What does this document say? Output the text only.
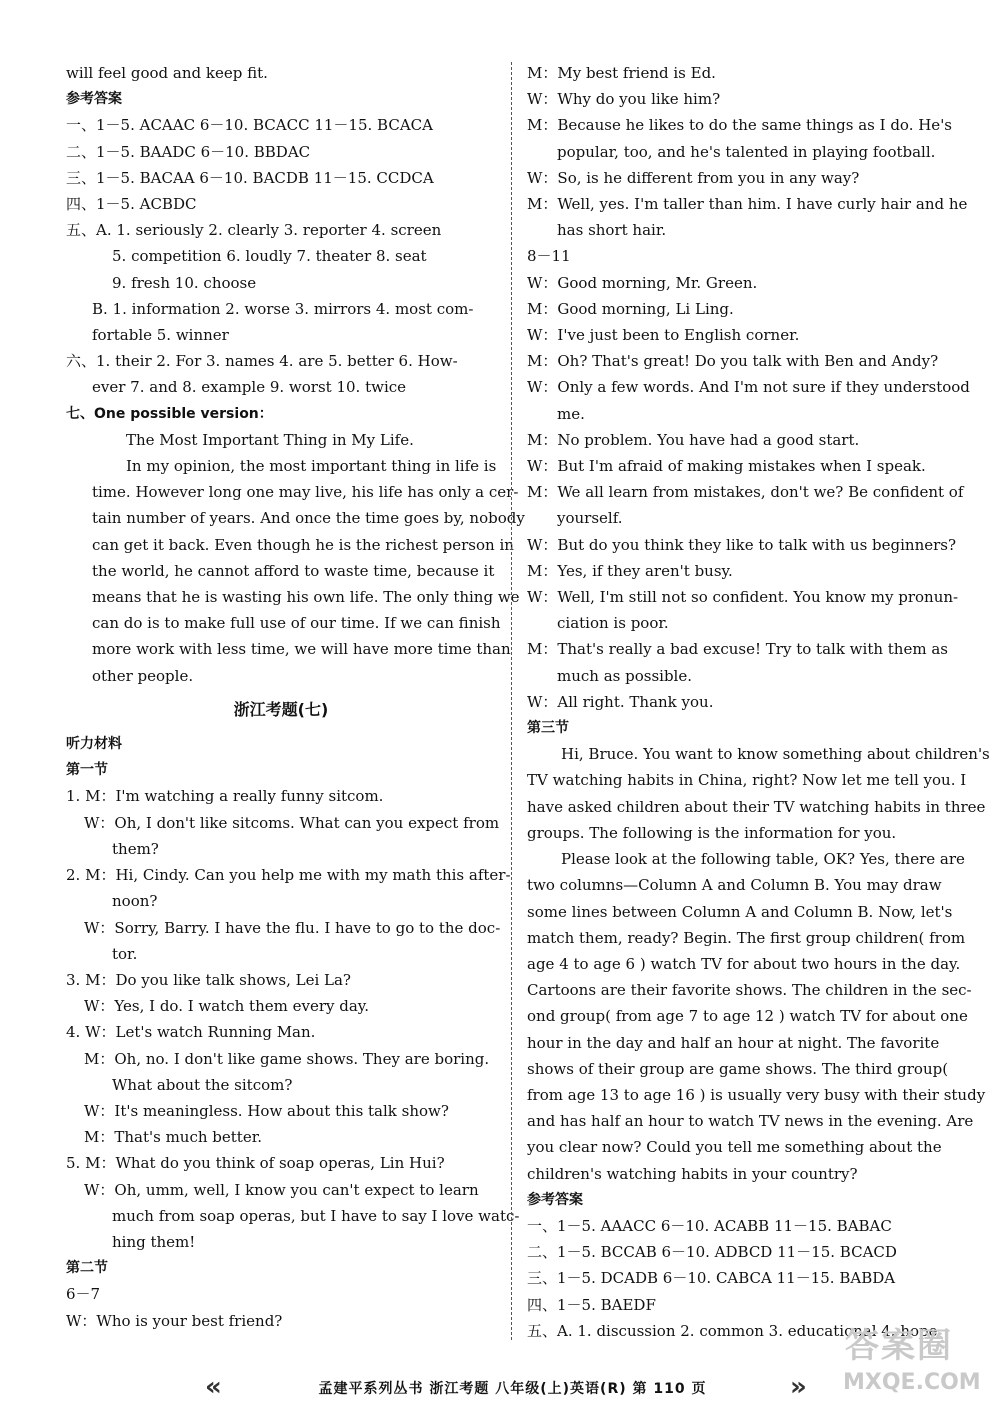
will feel good and keep fit.
参考答案
一、1－5. ACAAC 6－10. BCACC 11－15. BCACA
二、1－5. BAADC 6－10. BBDAC
三、1－5. BACAA 6－10. BACDB 11－15. CCDCA
四、1－5. ACBDC
五、A. 1. seriously 2. clearly 3. reporter 4. screen
5. competition 6. loudly 7. theater 8. seat
9. fresh 10. choose
B. 1. information 2. worse 3. mirrors 4. most com-
fortable 5. winner
六、1. their 2. For 3. names 4. are 5. better 6. How-
ever 7. and 8. example 9. worst 10. twice
七、One possible version：
The Most Important Thing in My Life.
In my opinion, the most important thing in life is
time. However long one may live, his life has only a cer-
tain number of years. And once the time goes by, nobody
can get it back. Even though he is the richest person in
the world, he cannot afford to waste time, because it
means that he is wasting his own life. The only thing we
can do is to make full use of our time. If we can finish
more work with less time, we will have more time than
other people.
浙江考题(七)
听力材料
第一节
1. M：I'm watching a really funny sitcom.
W：Oh, I don't like sitcoms. What can you expect from
them?
2. M：Hi, Cindy. Can you help me with my math this after-
noon?
W：Sorry, Barry. I have the flu. I have to go to the doc-
tor.
3. M：Do you like talk shows, Lei La?
W：Yes, I do. I watch them every day.
4. W：Let's watch Running Man.
M：Oh, no. I don't like game shows. They are boring.
What about the sitcom?
W：It's meaningless. How about this talk show?
M：That's much better.
5. M：What do you think of soap operas, Lin Hui?
W：Oh, umm, well, I know you can't expect to learn
much from soap operas, but I have to say I love watc-
hing them!
第二节
6－7
W：Who is your best friend?
M：My best friend is Ed.
W：Why do you like him?
M：Because he likes to do the same things as I do. He's
popular, too, and he's talented in playing football.
W：So, is he different from you in any way?
M：Well, yes. I'm taller than him. I have curly hair and he
has short hair.
8－11
W：Good morning, Mr. Green.
M：Good morning, Li Ling.
W：I've just been to English corner.
M：Oh? That's great! Do you talk with Ben and Andy?
W：Only a few words. And I'm not sure if they understood
me.
M：No problem. You have had a good start.
W：But I'm afraid of making mistakes when I speak.
M：We all learn from mistakes, don't we? Be confident of
yourself.
W：But do you think they like to talk with us beginners?
M：Yes, if they aren't busy.
W：Well, I'm still not so confident. You know my pronun-
ciation is poor.
M：That's really a bad excuse! Try to talk with them as
much as possible.
W：All right. Thank you.
第三节
Hi, Bruce. You want to know something about children's
TV watching habits in China, right? Now let me tell you. I
have asked children about their TV watching habits in three
groups. The following is the information for you.
Please look at the following table, OK? Yes, there are
two columns—Column A and Column B. You may draw
some lines between Column A and Column B. Now, let's
match them, ready? Begin. The first group children( from
age 4 to age 6 ) watch TV for about two hours in the day.
Cartoons are their favorite shows. The children in the sec-
ond group( from age 7 to age 12 ) watch TV for about one
hour in the day and half an hour at night. The favorite
shows of their group are game shows. The third group(
from age 13 to age 16 ) is usually very busy with their study
and has half an hour to watch TV news in the evening. Are
you clear now? Could you tell me something about the
children's watching habits in your country?
参考答案
一、1－5. AAACC 6－10. ACABB 11－15. BABAC
二、1－5. BCCAB 6－10. ADBCD 11－15. BCACD
三、1－5. DCADB 6－10. CABCA 11－15. BABDA
四、1－5. BAEDF
五、A. 1. discussion 2. common 3. educational 4. hope
«	孟建平系列丛书 浙江考题 八年级(上)英语(R) 第 110 页	»
答案圈
MXQE.COM
